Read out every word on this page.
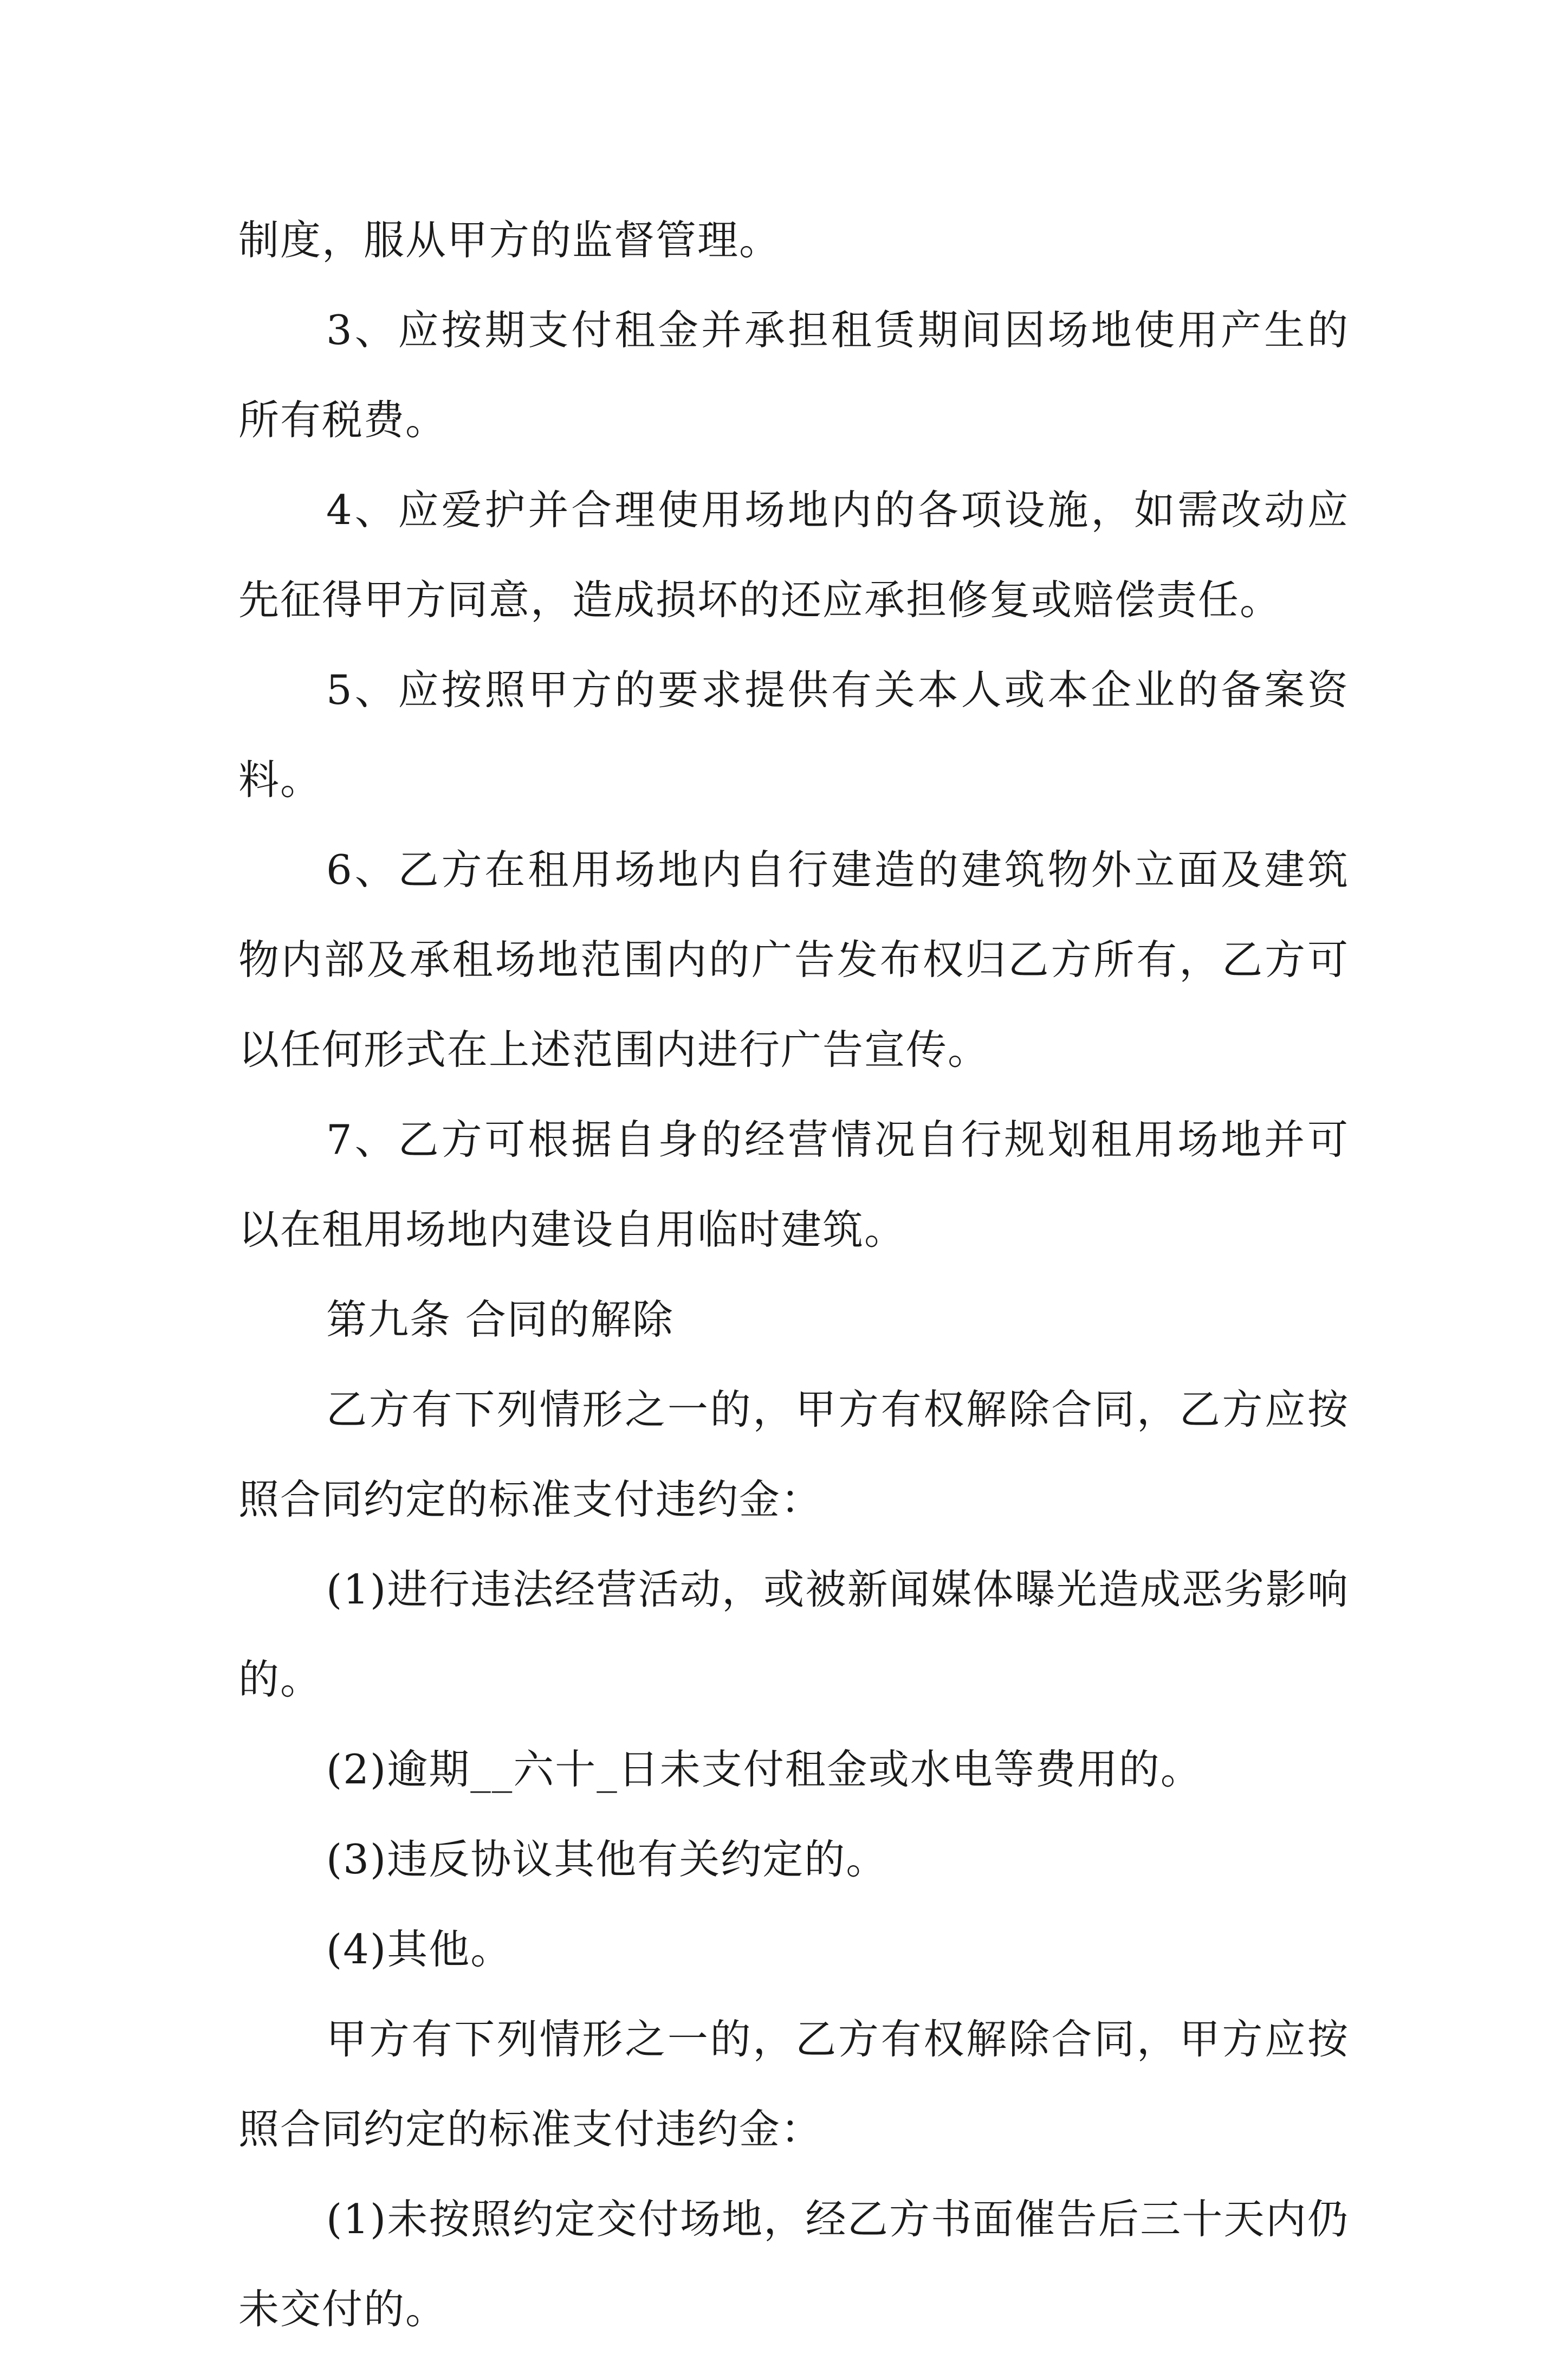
制度，服从甲方的监督管理。

3、应按期支付租金并承担租赁期间因场地使用产生的所有税费。

4、应爱护并合理使用场地内的各项设施，如需改动应先征得甲方同意，造成损坏的还应承担修复或赔偿责任。

5、应按照甲方的要求提供有关本人或本企业的备案资料。

6、乙方在租用场地内自行建造的建筑物外立面及建筑物内部及承租场地范围内的广告发布权归乙方所有，乙方可以任何形式在上述范围内进行广告宣传。

7、乙方可根据自身的经营情况自行规划租用场地并可以在租用场地内建设自用临时建筑。

第九条 合同的解除

乙方有下列情形之一的，甲方有权解除合同，乙方应按照合同约定的标准支付违约金：

(1)进行违法经营活动，或被新闻媒体曝光造成恶劣影响的。

(2)逾期__六十_日未支付租金或水电等费用的。

(3)违反协议其他有关约定的。

(4)其他。

甲方有下列情形之一的，乙方有权解除合同，甲方应按照合同约定的标准支付违约金：

(1)未按照约定交付场地，经乙方书面催告后三十天内仍未交付的。
